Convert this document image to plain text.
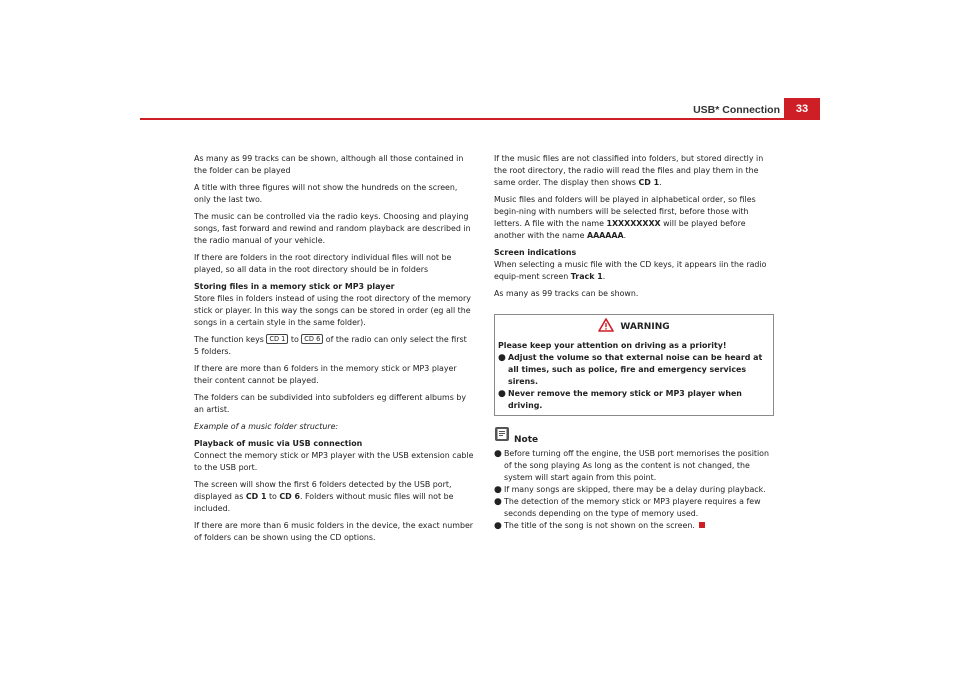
USB* Connection	33

As many as 99 tracks can be shown, although all those contained in the folder can be played

A title with three figures will not show the hundreds on the screen, only the last two.

The music can be controlled via the radio keys. Choosing and playing songs, fast forward and rewind and random playback are described in the radio manual of your vehicle.

If there are folders in the root directory individual files will not be played, so all data in the root directory should be in folders

Storing files in a memory stick or MP3 player

Store files in folders instead of using the root directory of the memory stick or player. In this way the songs can be stored in order (eg all the songs in a certain style in the same folder).

The function keys CD 1 to CD 6 of the radio can only select the first 5 folders.

If there are more than 6 folders in the memory stick or MP3 player their content cannot be played.

The folders can be subdivided into subfolders eg different albums by an artist.

Example of a music folder structure:

Playback of music via USB connection

Connect the memory stick or MP3 player with the USB extension cable to the USB port.

The screen will show the first 6 folders detected by the USB port, displayed as CD 1 to CD 6. Folders without music files will not be included.

If there are more than 6 music folders in the device, the exact number of folders can be shown using the CD options.

If the music files are not classified into folders, but stored directly in the root directory, the radio will read the files and play them in the same order. The display then shows CD 1.

Music files and folders will be played in alphabetical order, so files begin-ning with numbers will be selected first, before those with letters. A file with the name 1XXXXXXXX will be played before another with the name AAAAAA.

Screen indications

When selecting a music file with the CD keys, it appears iin the radio equip-ment screen Track 1.

As many as 99 tracks can be shown.

WARNING
Please keep your attention on driving as a priority!
● Adjust the volume so that external noise can be heard at all times, such as police, fire and emergency services sirens.
● Never remove the memory stick or MP3 player when driving.
Note
● Before turning off the engine, the USB port memorises the position of the song playing As long as the content is not changed, the system will start again from this point.
● If many songs are skipped, there may be a delay during playback.
● The detection of the memory stick or MP3 playere requires a few seconds depending on the type of memory used.
● The title of the song is not shown on the screen.
